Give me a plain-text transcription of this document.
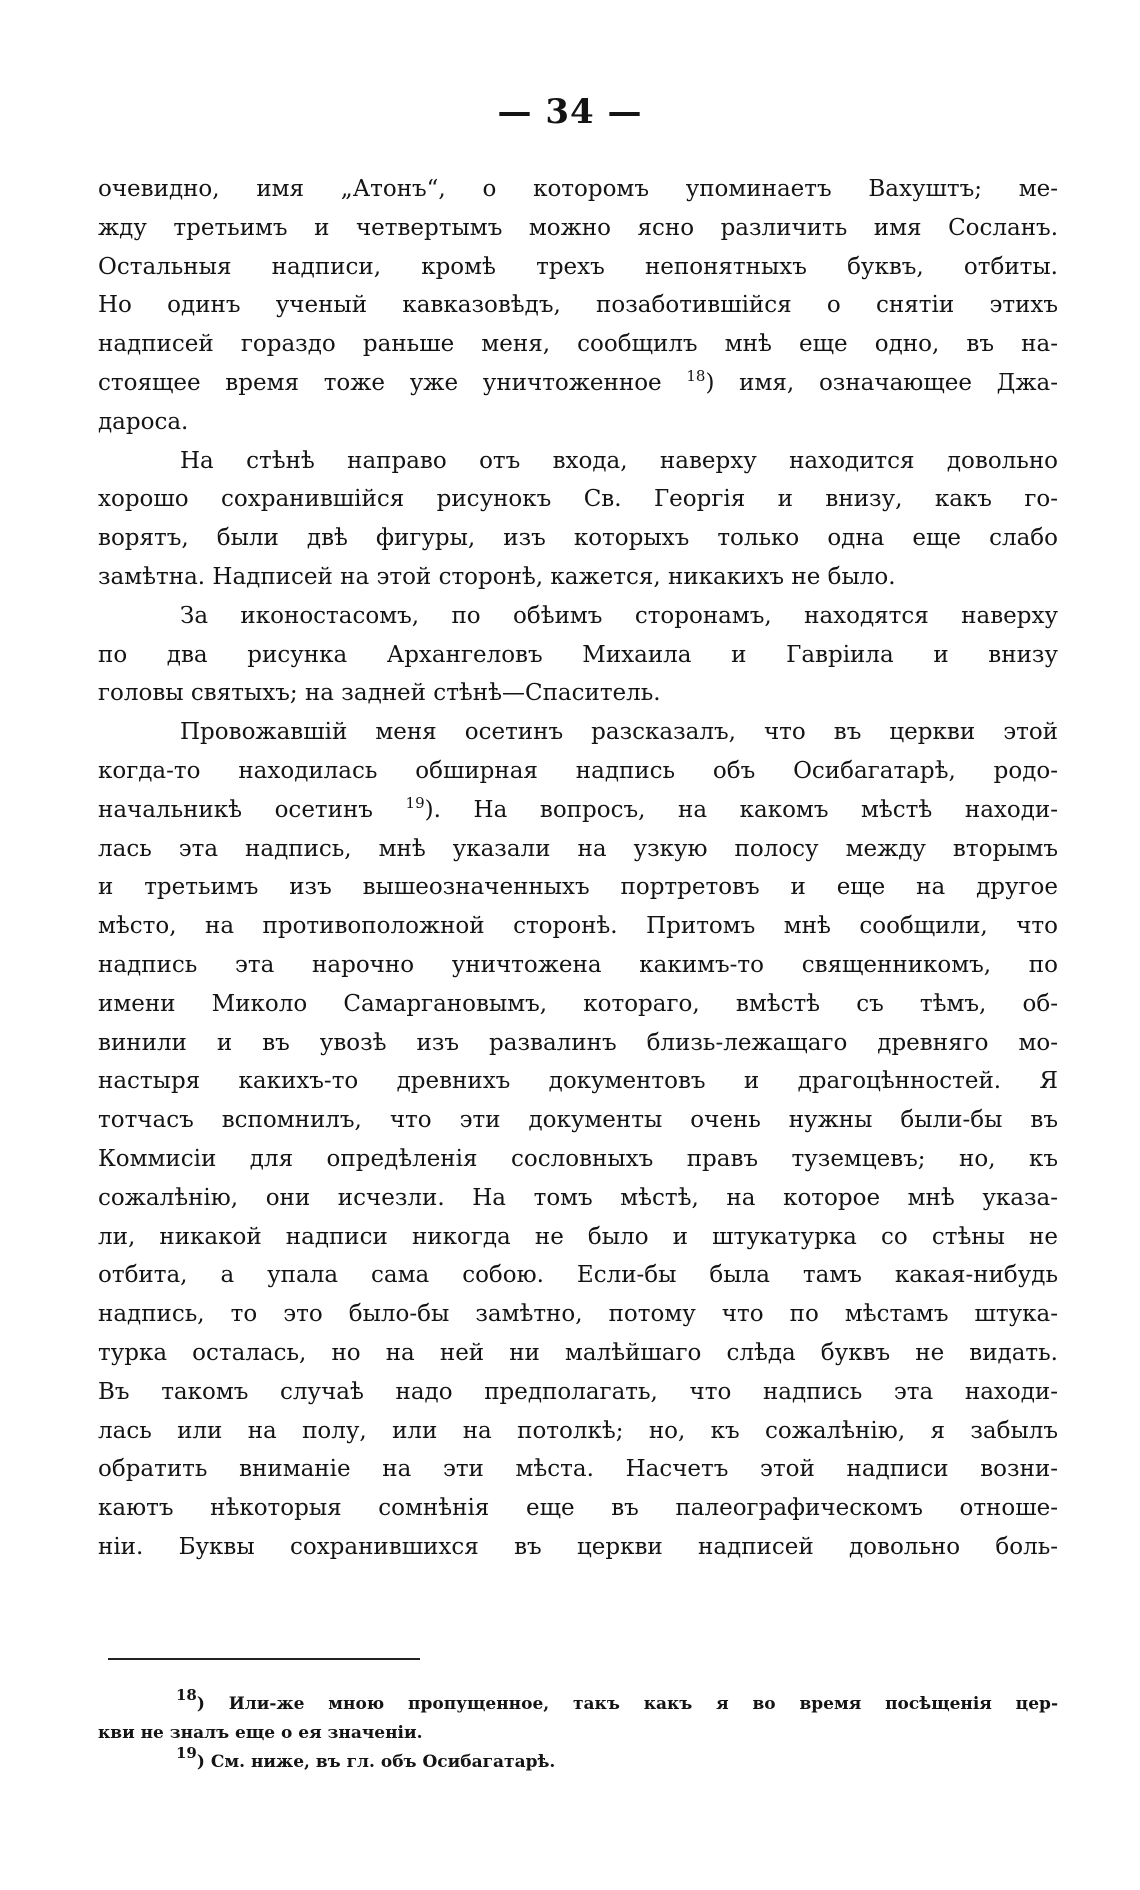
— 34 —
очевидно, имя „Атонъ“, о которомъ упоминаетъ Вахуштъ; ме-
жду третьимъ и четвертымъ можно ясно различить имя Сосланъ.
Остальныя надписи, кромѣ трехъ непонятныхъ буквъ, отбиты.
Но одинъ ученый кавказовѣдъ, позаботившійся о снятіи этихъ
надписей гораздо раньше меня, сообщилъ мнѣ еще одно, въ на-
стоящее время тоже уже уничтоженное $^{18}$) имя, означающее Джа-
дароса.
На стѣнѣ направо отъ входа, наверху находится довольно
хорошо сохранившійся рисунокъ Св. Георгія и внизу, какъ го-
ворятъ, были двѣ фигуры, изъ которыхъ только одна еще слабо
замѣтна. Надписей на этой сторонѣ, кажется, никакихъ не было.
За иконостасомъ, по обѣимъ сторонамъ, находятся наверху
по два рисунка Архангеловъ Михаила и Гавріила и внизу
головы святыхъ; на задней стѣнѣ—Спаситель.
Провожавшій меня осетинъ разсказалъ, что въ церкви этой
когда-то находилась обширная надпись объ Осибагатарѣ, родо-
начальникѣ осетинъ $^{19}$). На вопросъ, на какомъ мѣстѣ находи-
лась эта надпись, мнѣ указали на узкую полосу между вторымъ
и третьимъ изъ вышеозначенныхъ портретовъ и еще на другое
мѣсто, на противоположной сторонѣ. Притомъ мнѣ сообщили, что
надпись эта нарочно уничтожена какимъ-то священникомъ, по
имени Миколо Самаргановымъ, котораго, вмѣстѣ съ тѣмъ, об-
винили и въ увозѣ изъ развалинъ близь-лежащаго древняго мо-
настыря какихъ-то древнихъ документовъ и драгоцѣнностей. Я
тотчасъ вспомнилъ, что эти документы очень нужны были-бы въ
Коммисіи для опредѣленія сословныхъ правъ туземцевъ; но, къ
сожалѣнію, они исчезли. На томъ мѣстѣ, на которое мнѣ указа-
ли, никакой надписи никогда не было и штукатурка со стѣны не
отбита, а упала сама собою. Если-бы была тамъ какая-нибудь
надпись, то это было-бы замѣтно, потому что по мѣстамъ штука-
турка осталась, но на ней ни малѣйшаго слѣда буквъ не видать.
Въ такомъ случаѣ надо предполагать, что надпись эта находи-
лась или на полу, или на потолкѣ; но, къ сожалѣнію, я забылъ
обратить вниманіе на эти мѣста. Насчетъ этой надписи возни-
каютъ нѣкоторыя сомнѣнія еще въ палеографическомъ отноше-
ніи. Буквы сохранившихся въ церкви надписей довольно боль-
$^{18}$) Или-же мною пропущенное, такъ какъ я во время посѣщенія цер-
кви не зналъ еще о ея значеніи.
$^{19}$) См. ниже, въ гл. объ Осибагатарѣ.
